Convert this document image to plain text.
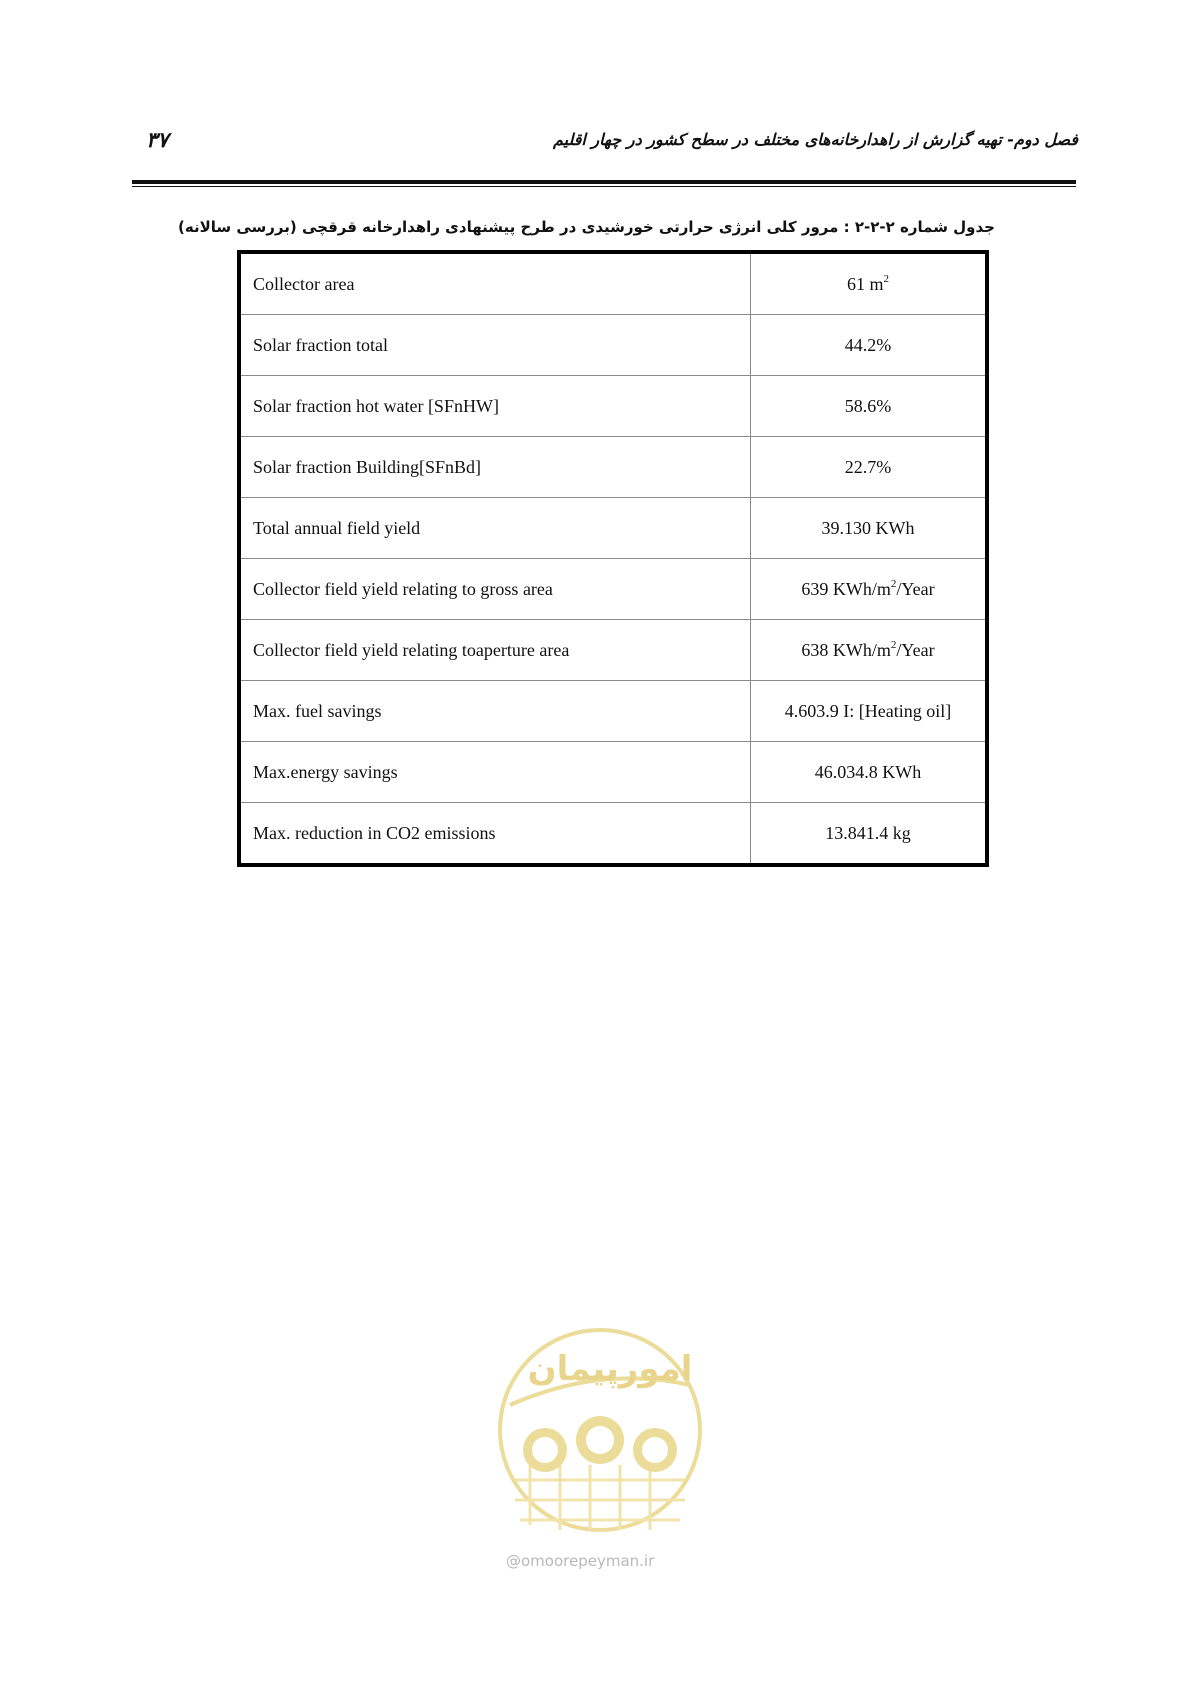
۳۷	فصل دوم- تهیه گزارش از راهدارخانه‌های مختلف در سطح کشور در چهار اقلیم
جدول شماره ۲-۲-۲ : مرور کلی انرژی حرارتی خورشیدی در طرح پیشنهادی راهدارخانه قرقچی (بررسی سالانه)
Collector area	61 $m^2$
Solar fraction total	44.2%
Solar fraction hot water [SFnHW]	58.6%
Solar fraction Building[SFnBd]	22.7%
Total annual field yield	39.130 KWh
Collector field yield relating to gross area	639 KWh/$m^2$/Year
Collector field yield relating toaperture area	638 KWh/$m^2$/Year
Max. fuel savings	4.603.9 I: [Heating oil]
Max.energy savings	46.034.8 KWh
Max. reduction in CO2 emissions	13.841.4 kg
امورپیمان
@omoorepeyman.ir
